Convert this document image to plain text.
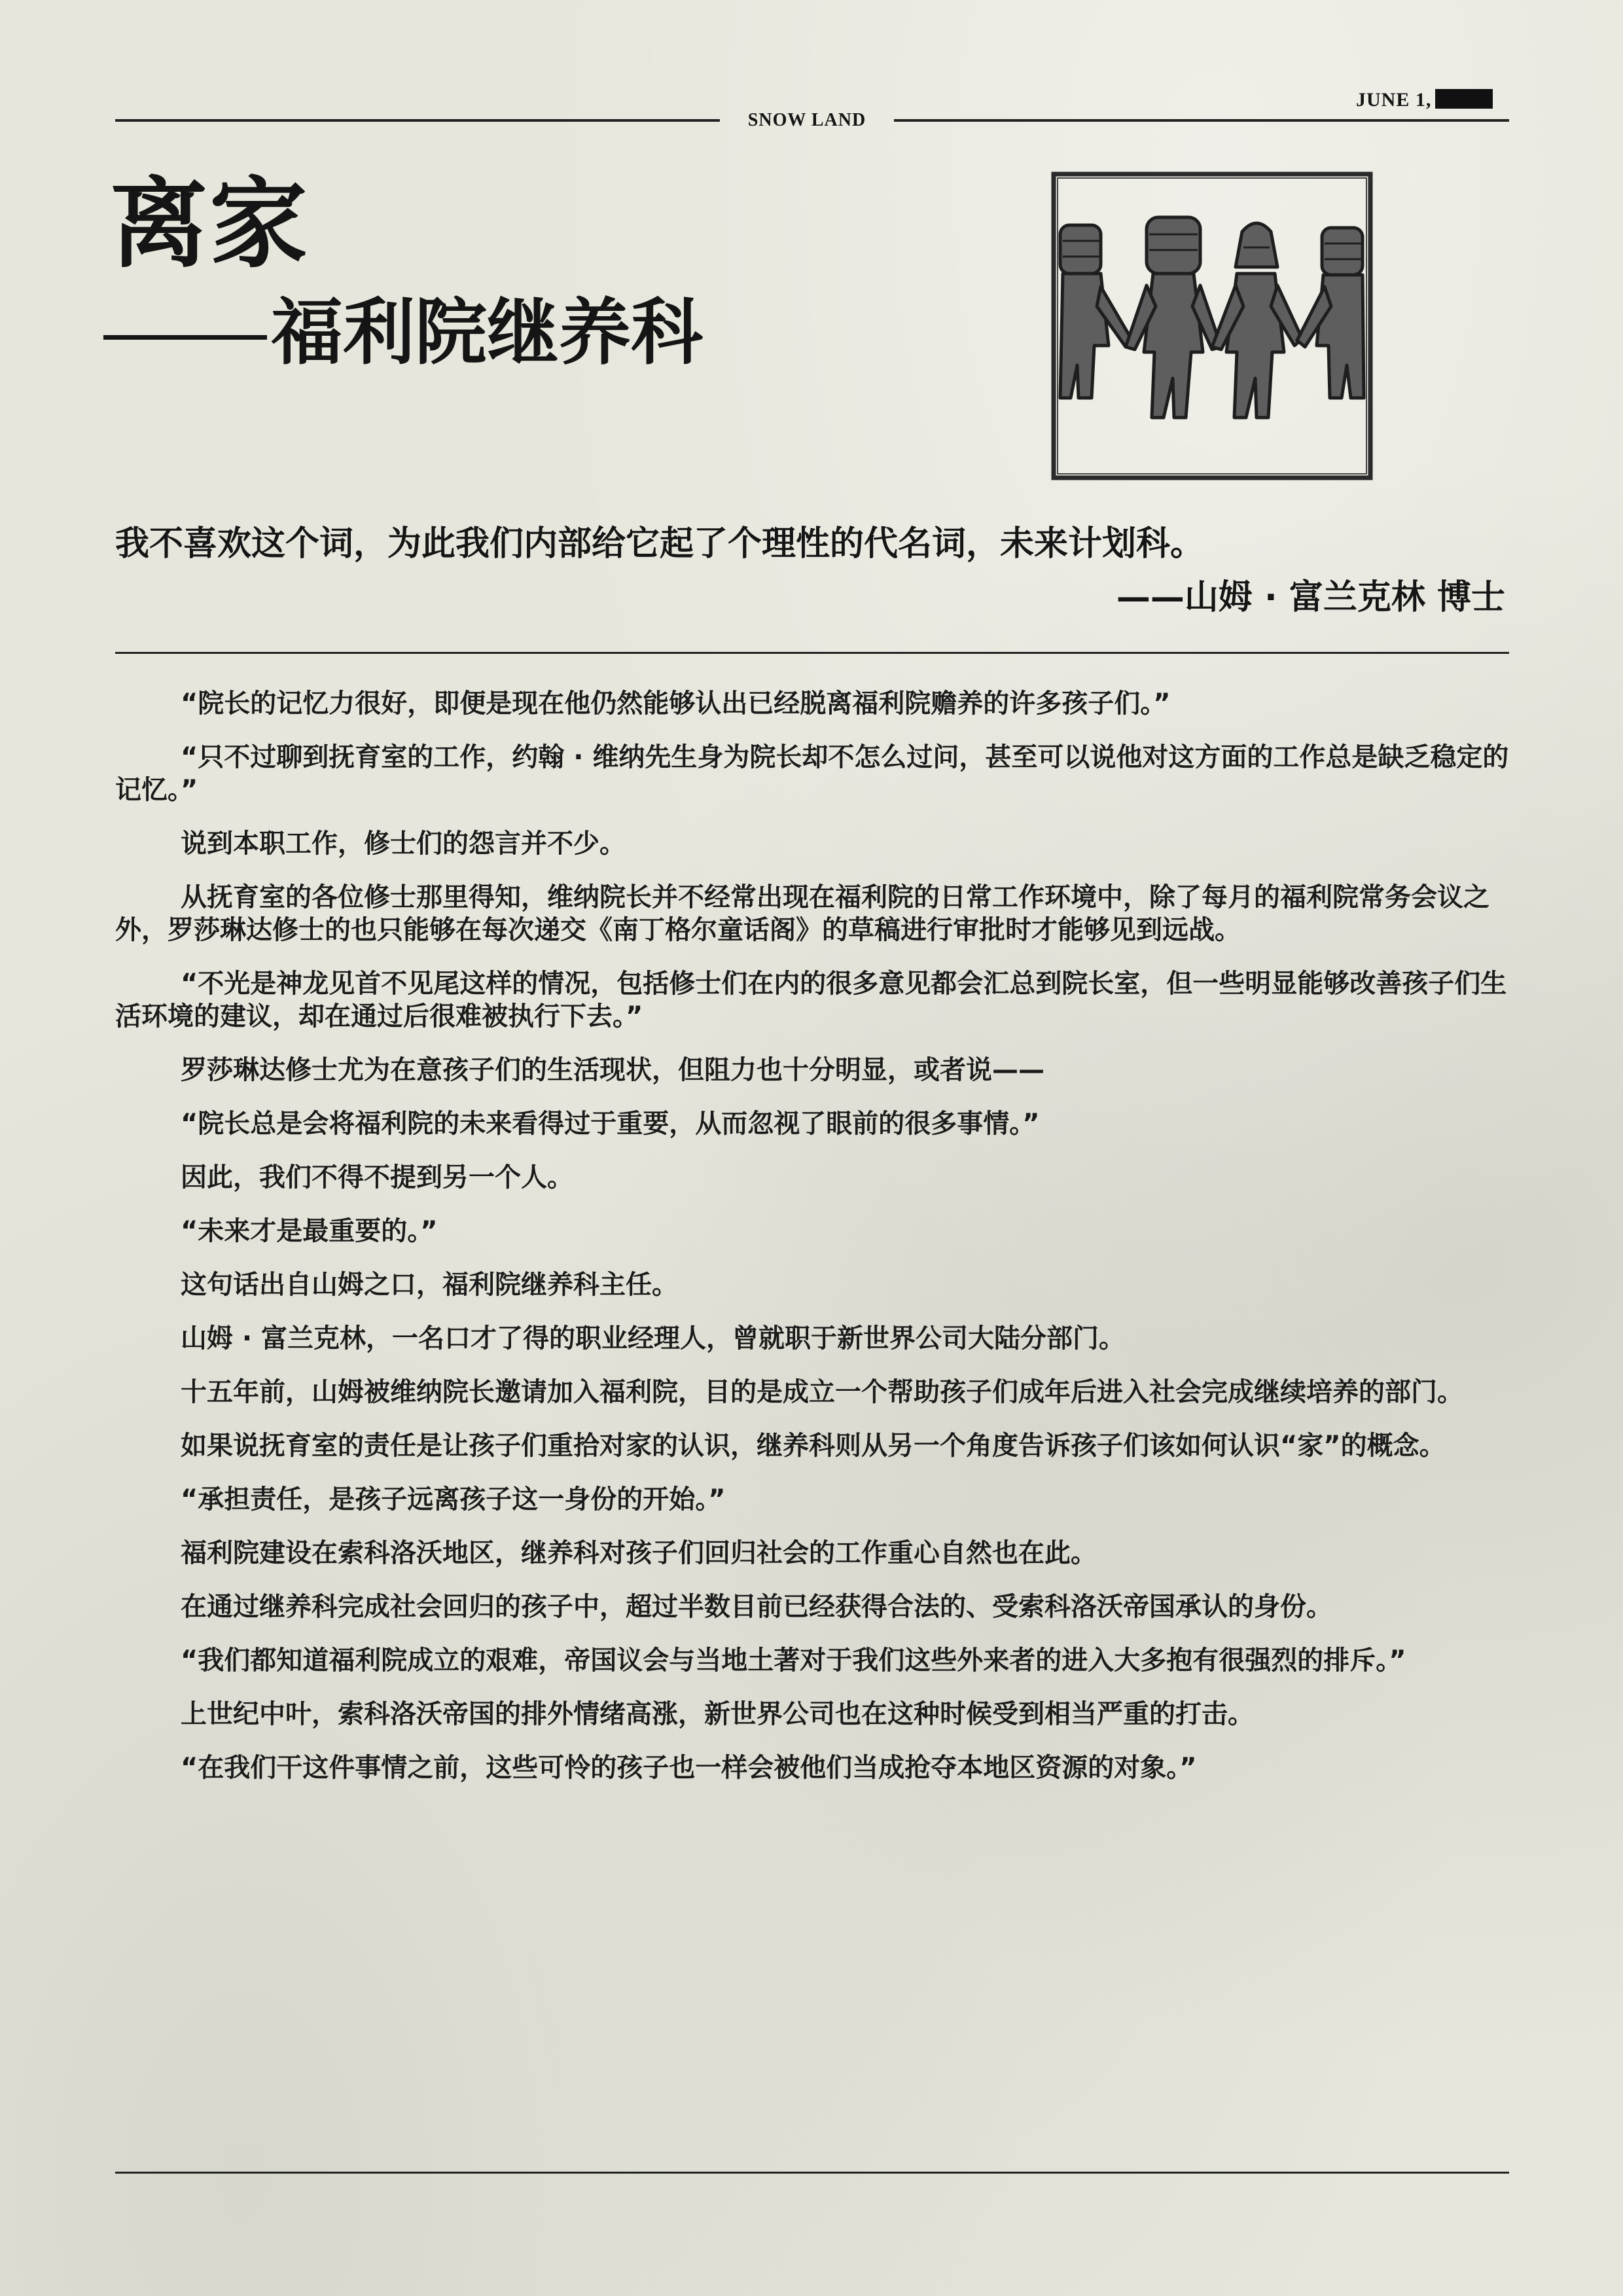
JUNE 1,
SNOW LAND
离家
福利院继养科
我不喜欢这个词，为此我们内部给它起了个理性的代名词，未来计划科。
——山姆 · 富兰克林 博士

“院长的记忆力很好，即便是现在他仍然能够认出已经脱离福利院赡养的许多孩子们。”

“只不过聊到抚育室的工作，约翰 · 维纳先生身为院长却不怎么过问，甚至可以说他对这方面的工作总是缺乏稳定的记忆。”

说到本职工作，修士们的怨言并不少。

从抚育室的各位修士那里得知，维纳院长并不经常出现在福利院的日常工作环境中，除了每月的福利院常务会议之外，罗莎琳达修士的也只能够在每次递交《南丁格尔童话阁》的草稿进行审批时才能够见到远战。

“不光是神龙见首不见尾这样的情况，包括修士们在内的很多意见都会汇总到院长室，但一些明显能够改善孩子们生活环境的建议，却在通过后很难被执行下去。”

罗莎琳达修士尤为在意孩子们的生活现状，但阻力也十分明显，或者说——

“院长总是会将福利院的未来看得过于重要，从而忽视了眼前的很多事情。”

因此，我们不得不提到另一个人。

“未来才是最重要的。”

这句话出自山姆之口，福利院继养科主任。

山姆 · 富兰克林，一名口才了得的职业经理人，曾就职于新世界公司大陆分部门。

十五年前，山姆被维纳院长邀请加入福利院，目的是成立一个帮助孩子们成年后进入社会完成继续培养的部门。

如果说抚育室的责任是让孩子们重拾对家的认识，继养科则从另一个角度告诉孩子们该如何认识“家”的概念。

“承担责任，是孩子远离孩子这一身份的开始。”

福利院建设在索科洛沃地区，继养科对孩子们回归社会的工作重心自然也在此。

在通过继养科完成社会回归的孩子中，超过半数目前已经获得合法的、受索科洛沃帝国承认的身份。

“我们都知道福利院成立的艰难，帝国议会与当地土著对于我们这些外来者的进入大多抱有很强烈的排斥。”

上世纪中叶，索科洛沃帝国的排外情绪高涨，新世界公司也在这种时候受到相当严重的打击。

“在我们干这件事情之前，这些可怜的孩子也一样会被他们当成抢夺本地区资源的对象。”
